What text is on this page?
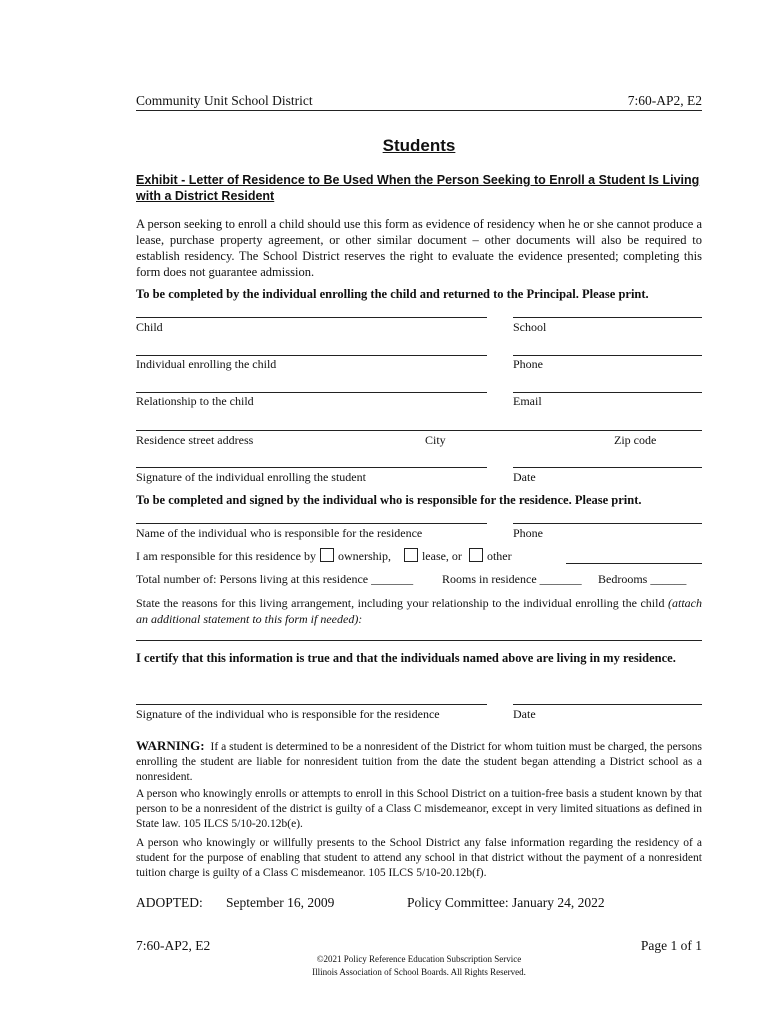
Community Unit School District	7:60-AP2, E2
Students
Exhibit - Letter of Residence to Be Used When the Person Seeking to Enroll a Student Is Living with a District Resident
A person seeking to enroll a child should use this form as evidence of residency when he or she cannot produce a lease, purchase property agreement, or other similar document – other documents will also be required to establish residency. The School District reserves the right to evaluate the evidence presented; completing this form does not guarantee admission.
To be completed by the individual enrolling the child and returned to the Principal. Please print.
Child	School
Individual enrolling the child	Phone
Relationship to the child	Email
Residence street address	City	Zip code
Signature of the individual enrolling the student	Date
To be completed and signed by the individual who is responsible for the residence. Please print.
Name of the individual who is responsible for the residence	Phone
I am responsible for this residence by ownership,	lease, or other
Total number of: Persons living at this residence _______ Rooms in residence _______ Bedrooms ______
State the reasons for this living arrangement, including your relationship to the individual enrolling the child (attach an additional statement to this form if needed):
I certify that this information is true and that the individuals named above are living in my residence.
Signature of the individual who is responsible for the residence	Date
WARNING: If a student is determined to be a nonresident of the District for whom tuition must be charged, the persons enrolling the student are liable for nonresident tuition from the date the student began attending a District school as a nonresident.
A person who knowingly enrolls or attempts to enroll in this School District on a tuition-free basis a student known by that person to be a nonresident of the district is guilty of a Class C misdemeanor, except in very limited situations as defined in State law. 105 ILCS 5/10-20.12b(e).
A person who knowingly or willfully presents to the School District any false information regarding the residency of a student for the purpose of enabling that student to attend any school in that district without the payment of a nonresident tuition charge is guilty of a Class C misdemeanor. 105 ILCS 5/10-20.12b(f).
ADOPTED: September 16, 2009	Policy Committee: January 24, 2022
7:60-AP2, E2	Page 1 of 1
©2021 Policy Reference Education Subscription Service
Illinois Association of School Boards. All Rights Reserved.
